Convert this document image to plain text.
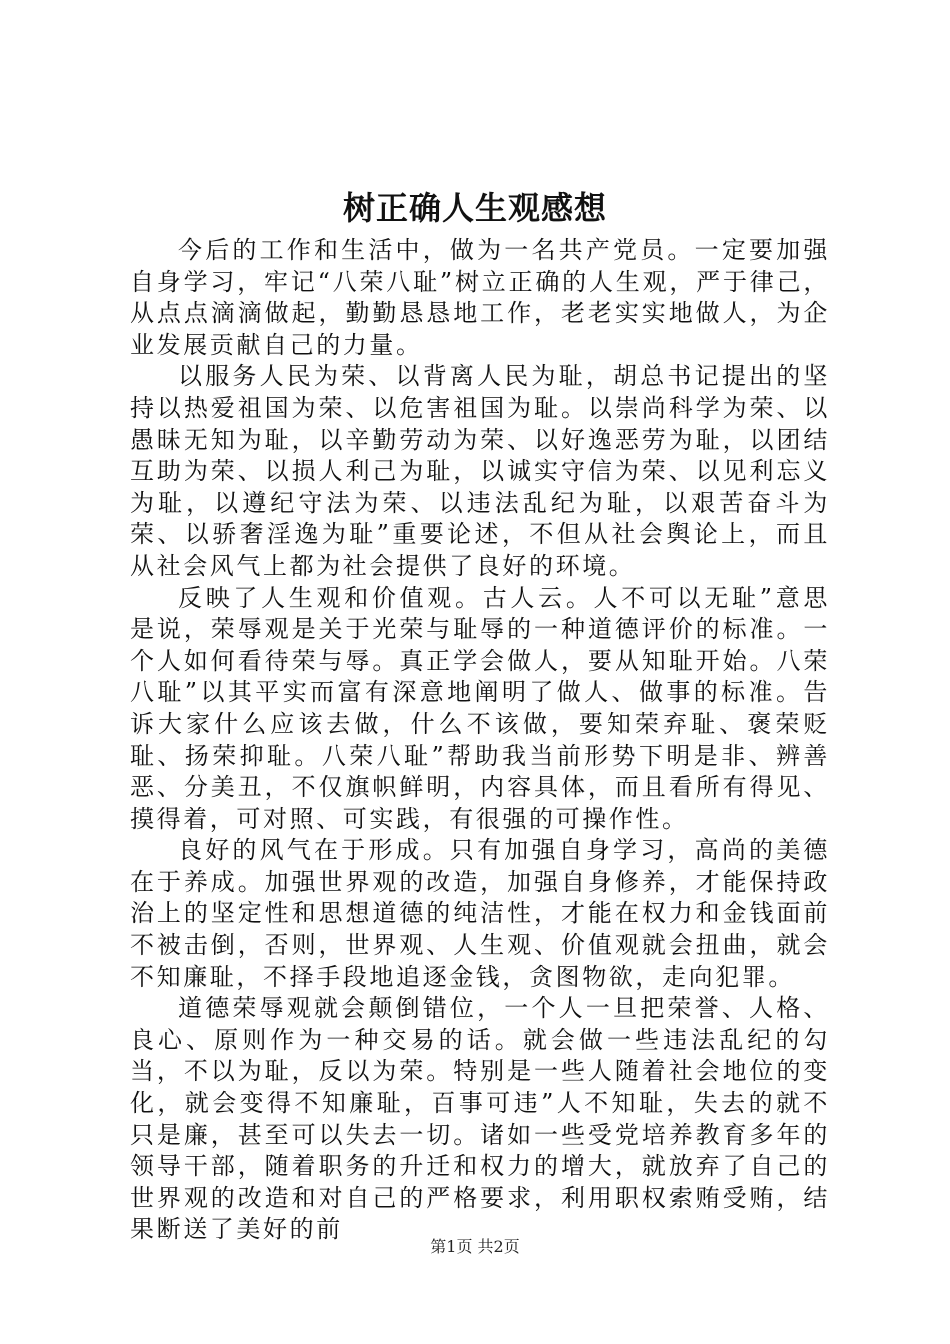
树正确人生观感想

今后的工作和生活中，做为一名共产党员。一定要加强自身学习，牢记“八荣八耻”树立正确的人生观，严于律己，从点点滴滴做起，勤勤恳恳地工作，老老实实地做人，为企业发展贡献自己的力量。

以服务人民为荣、以背离人民为耻，胡总书记提出的坚持以热爱祖国为荣、以危害祖国为耻。以崇尚科学为荣、以愚昧无知为耻，以辛勤劳动为荣、以好逸恶劳为耻，以团结互助为荣、以损人利己为耻，以诚实守信为荣、以见利忘义为耻，以遵纪守法为荣、以违法乱纪为耻，以艰苦奋斗为荣、以骄奢淫逸为耻”重要论述，不但从社会舆论上，而且从社会风气上都为社会提供了良好的环境。

反映了人生观和价值观。古人云。人不可以无耻”意思是说，荣辱观是关于光荣与耻辱的一种道德评价的标准。一个人如何看待荣与辱。真正学会做人，要从知耻开始。八荣八耻”以其平实而富有深意地阐明了做人、做事的标准。告诉大家什么应该去做，什么不该做，要知荣弃耻、褒荣贬耻、扬荣抑耻。八荣八耻”帮助我当前形势下明是非、辨善恶、分美丑，不仅旗帜鲜明，内容具体，而且看所有得见、摸得着，可对照、可实践，有很强的可操作性。

良好的风气在于形成。只有加强自身学习，高尚的美德在于养成。加强世界观的改造，加强自身修养，才能保持政治上的坚定性和思想道德的纯洁性，才能在权力和金钱面前不被击倒，否则，世界观、人生观、价值观就会扭曲，就会不知廉耻，不择手段地追逐金钱，贪图物欲，走向犯罪。

道德荣辱观就会颠倒错位，一个人一旦把荣誉、人格、良心、原则作为一种交易的话。就会做一些违法乱纪的勾当，不以为耻，反以为荣。特别是一些人随着社会地位的变化，就会变得不知廉耻，百事可违”人不知耻，失去的就不只是廉，甚至可以失去一切。诸如一些受党培养教育多年的领导干部，随着职务的升迁和权力的增大，就放弃了自己的世界观的改造和对自己的严格要求，利用职权索贿受贿，结果断送了美好的前

第1页 共2页
